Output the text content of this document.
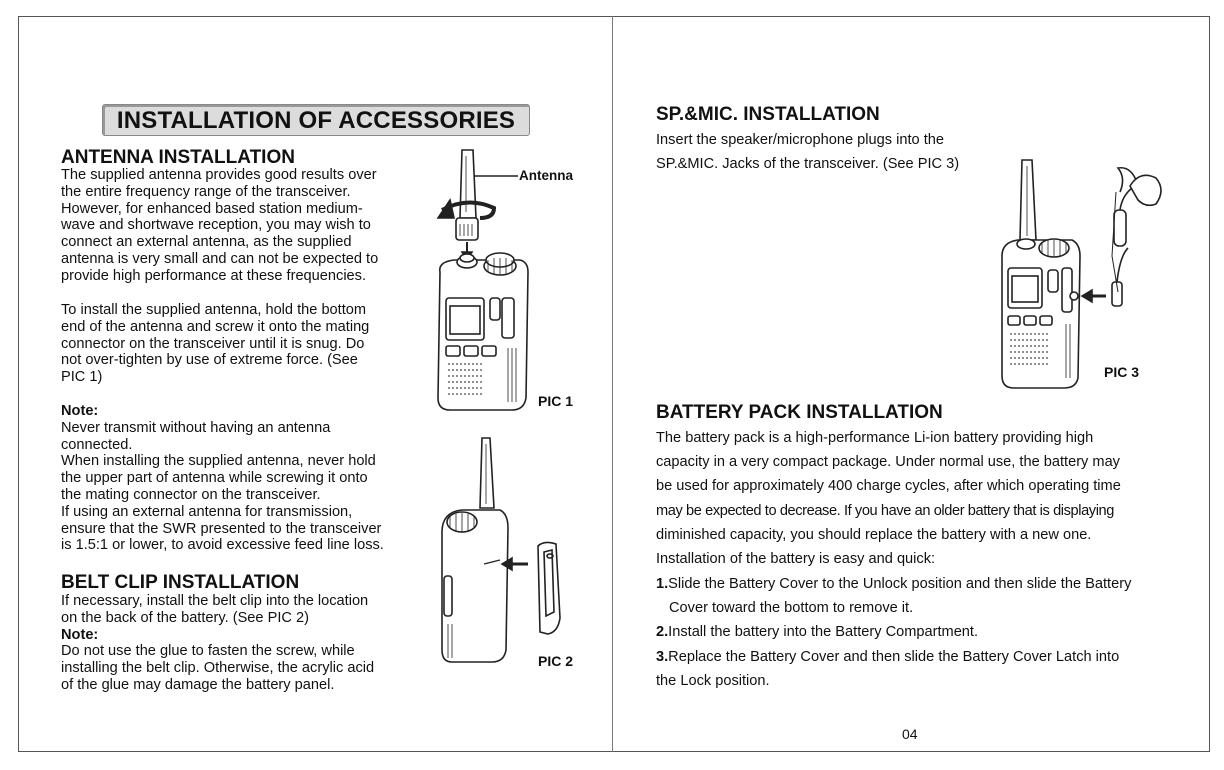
INSTALLATION OF ACCESSORIES
ANTENNA INSTALLATION
The supplied antenna provides good results over
the entire frequency range of the transceiver.
However, for enhanced based station medium-
wave and shortwave reception, you may wish to
connect an external antenna, as the supplied
antenna is very small and can not be expected to
provide high performance at these frequencies.
To install the supplied antenna, hold the bottom
end of the antenna and screw it onto the mating
connector on the transceiver until it is snug. Do
not over-tighten by use of extreme force. (See
PIC 1)
Note:
Never transmit without having an antenna
connected.
When installing the supplied antenna, never hold
the upper part of antenna while screwing it onto
the mating connector on the transceiver.
If using an external antenna for transmission,
ensure that the SWR presented to the transceiver
is 1.5:1 or lower, to avoid excessive feed line loss.
BELT CLIP INSTALLATION
If necessary, install the belt clip into the location
on the back of the battery. (See PIC 2)
Note:
Do not use the glue to fasten the screw, while
installing the belt clip. Otherwise, the acrylic acid
of the glue may damage the battery panel.
Antenna
PIC 1
PIC 2
SP.&MIC. INSTALLATION
Insert the speaker/microphone plugs into the
SP.&MIC. Jacks of the transceiver. (See PIC 3)
PIC 3
BATTERY PACK INSTALLATION
The battery pack is a high-performance Li-ion battery providing high
capacity in a very compact package. Under normal use, the battery may
be used for approximately 400 charge cycles, after which operating time
may be expected to decrease. If you have an older battery that is displaying
diminished capacity, you should replace the battery with a new one.
Installation of the battery is easy and quick:
1.Slide the Battery Cover to the Unlock position and then slide the Battery
Cover toward the bottom to remove it.
2.Install the battery into the Battery Compartment.
3.Replace the Battery Cover and then slide the Battery Cover Latch into
the Lock position.
04
